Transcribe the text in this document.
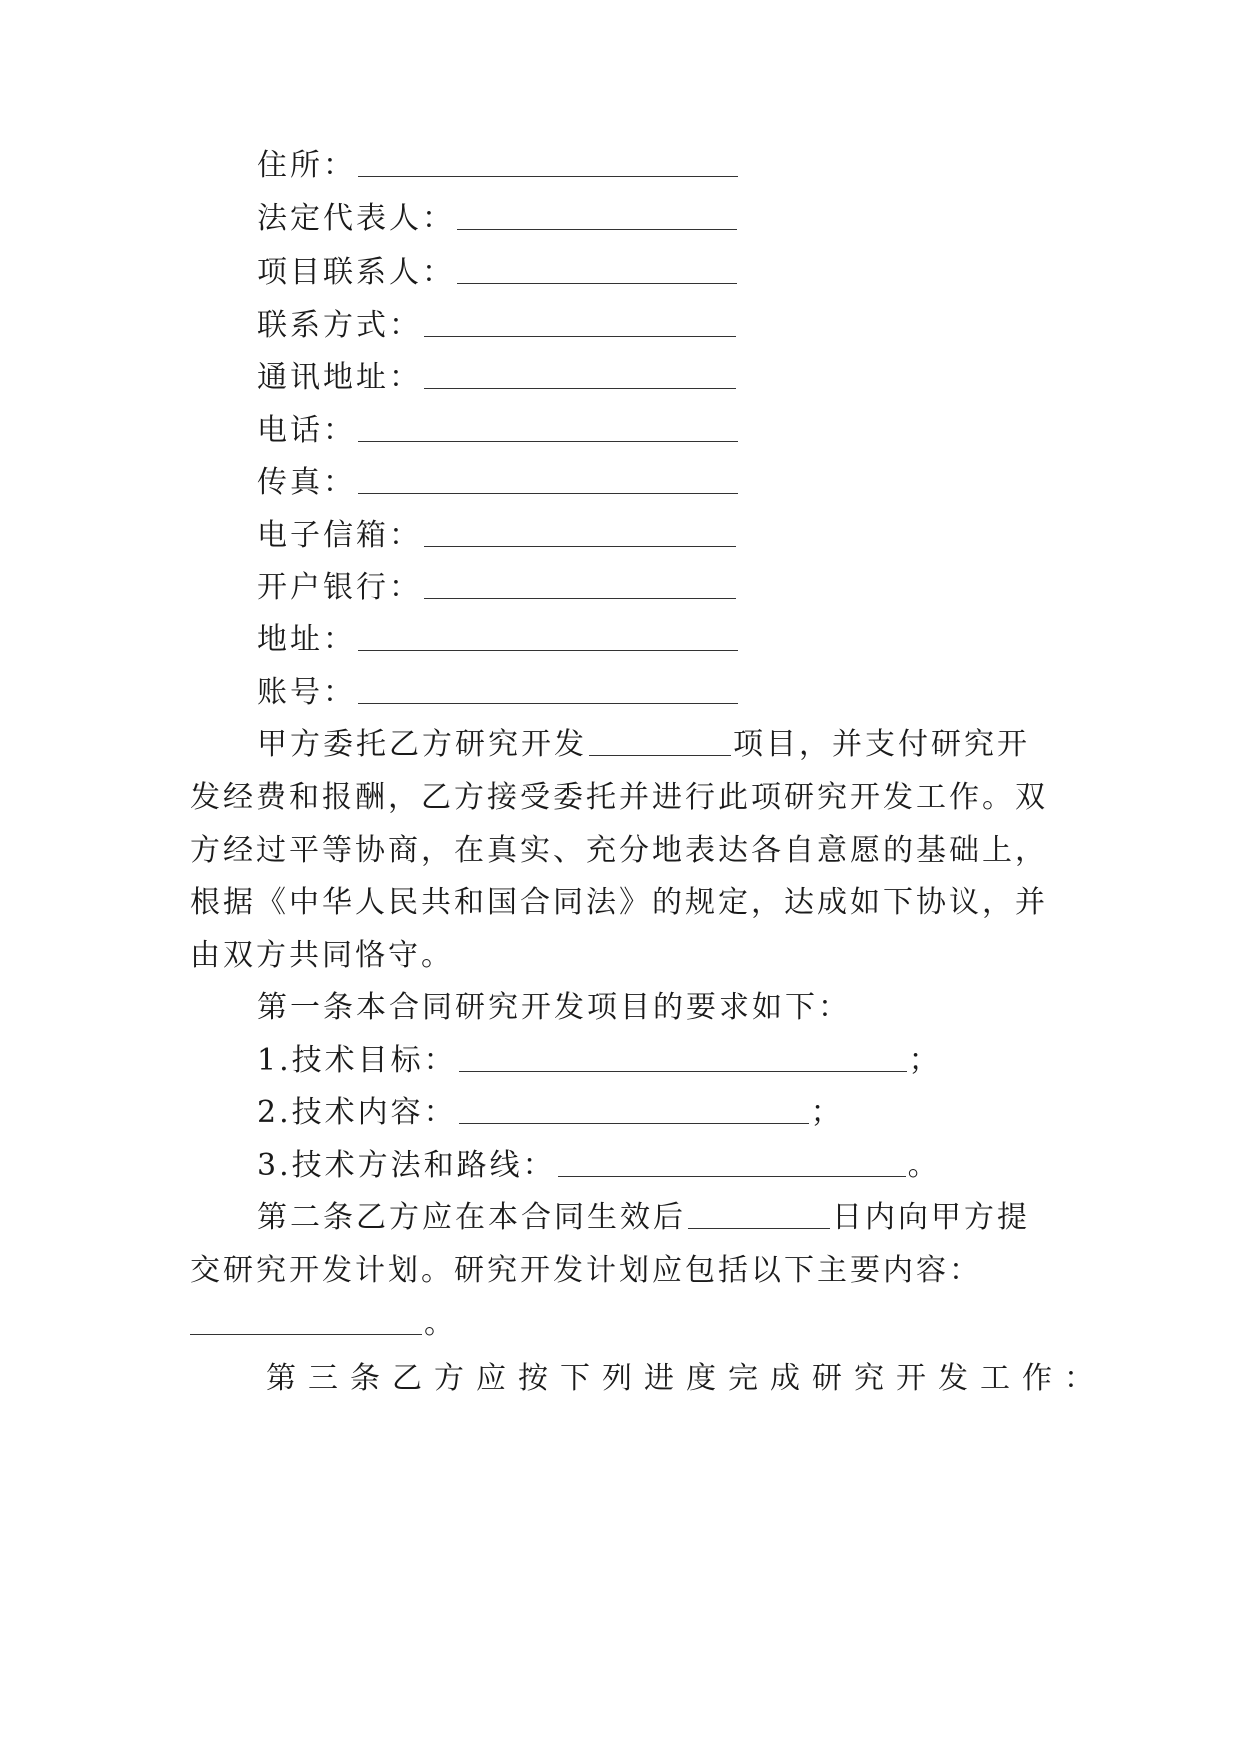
住所：
法定代表人：
项目联系人：
联系方式：
通讯地址：
电话：
传真：
电子信箱：
开户银行：
地址：
账号：
甲方委托乙方研究开发	项目，并支付研究开
发经费和报酬，乙方接受委托并进行此项研究开发工作。双
方经过平等协商，在真实、充分地表达各自意愿的基础上，
根据《中华人民共和国合同法》的规定，达成如下协议，并
由双方共同恪守。
第一条本合同研究开发项目的要求如下：
1.技术目标：	；
2.技术内容：	；
3.技术方法和路线：	。
第二条乙方应在本合同生效后	日内向甲方提
交研究开发计划。研究开发计划应包括以下主要内容：
。
第三条乙方应按下列进度完成研究开发工作：
